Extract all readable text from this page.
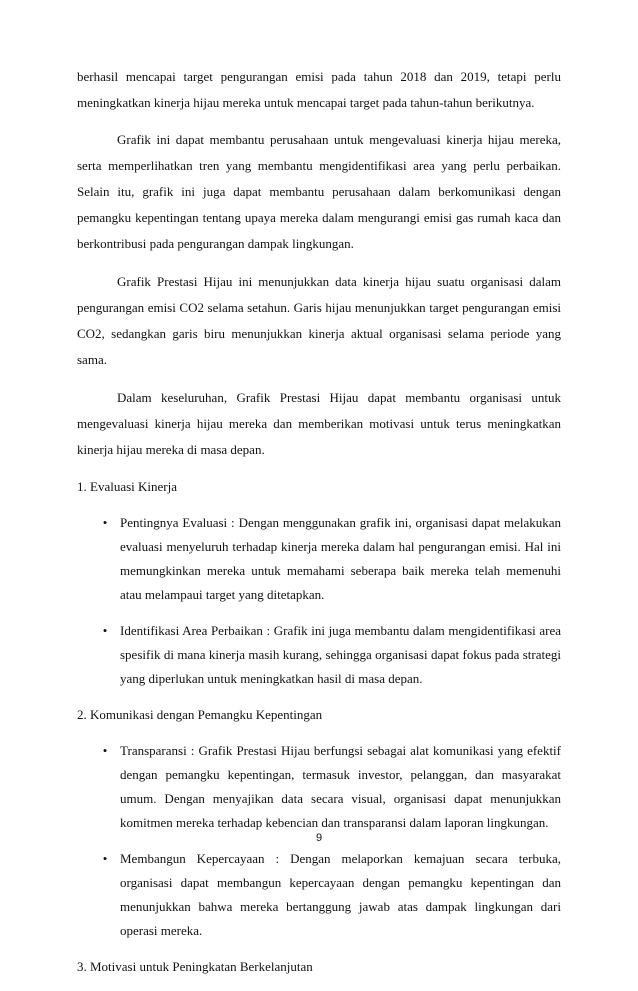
berhasil mencapai target pengurangan emisi pada tahun 2018 dan 2019, tetapi perlu meningkatkan kinerja hijau mereka untuk mencapai target pada tahun-tahun berikutnya.

Grafik ini dapat membantu perusahaan untuk mengevaluasi kinerja hijau mereka, serta memperlihatkan tren yang membantu mengidentifikasi area yang perlu perbaikan. Selain itu, grafik ini juga dapat membantu perusahaan dalam berkomunikasi dengan pemangku kepentingan tentang upaya mereka dalam mengurangi emisi gas rumah kaca dan berkontribusi pada pengurangan dampak lingkungan.

Grafik Prestasi Hijau ini menunjukkan data kinerja hijau suatu organisasi dalam pengurangan emisi CO2 selama setahun. Garis hijau menunjukkan target pengurangan emisi CO2, sedangkan garis biru menunjukkan kinerja aktual organisasi selama periode yang sama.

Dalam keseluruhan, Grafik Prestasi Hijau dapat membantu organisasi untuk mengevaluasi kinerja hijau mereka dan memberikan motivasi untuk terus meningkatkan kinerja hijau mereka di masa depan.

1. Evaluasi Kinerja

• Pentingnya Evaluasi : Dengan menggunakan grafik ini, organisasi dapat melakukan evaluasi menyeluruh terhadap kinerja mereka dalam hal pengurangan emisi. Hal ini memungkinkan mereka untuk memahami seberapa baik mereka telah memenuhi atau melampaui target yang ditetapkan.
• Identifikasi Area Perbaikan : Grafik ini juga membantu dalam mengidentifikasi area spesifik di mana kinerja masih kurang, sehingga organisasi dapat fokus pada strategi yang diperlukan untuk meningkatkan hasil di masa depan.

2. Komunikasi dengan Pemangku Kepentingan

• Transparansi : Grafik Prestasi Hijau berfungsi sebagai alat komunikasi yang efektif dengan pemangku kepentingan, termasuk investor, pelanggan, dan masyarakat umum. Dengan menyajikan data secara visual, organisasi dapat menunjukkan komitmen mereka terhadap kebencian dan transparansi dalam laporan lingkungan.
• Membangun Kepercayaan : Dengan melaporkan kemajuan secara terbuka, organisasi dapat membangun kepercayaan dengan pemangku kepentingan dan menunjukkan bahwa mereka bertanggung jawab atas dampak lingkungan dari operasi mereka.

3. Motivasi untuk Peningkatan Berkelanjutan

9
